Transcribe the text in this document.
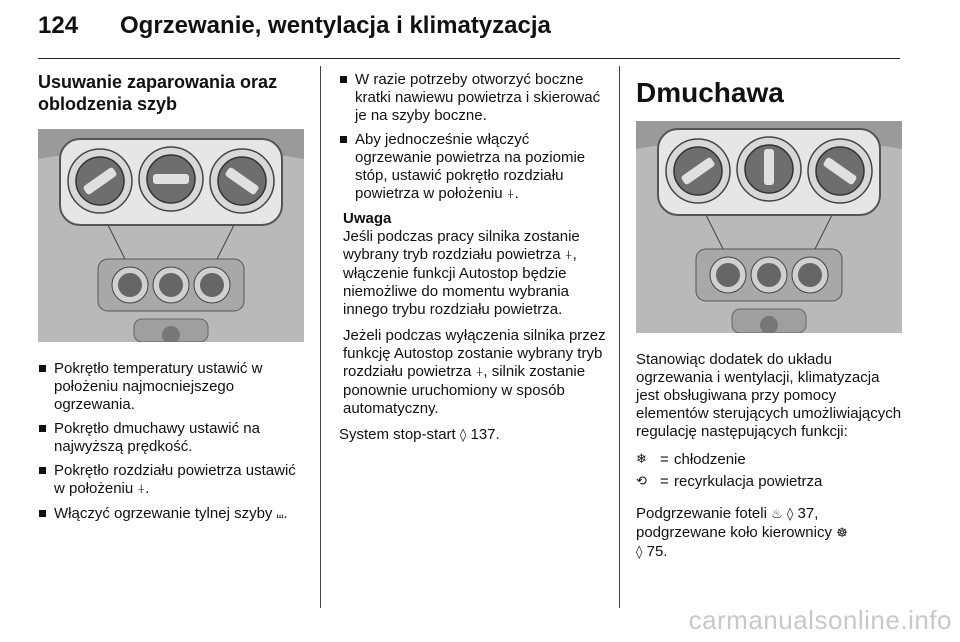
124	Ogrzewanie, wentylacja i klimatyzacja
Usuwanie zaparowania oraz oblodzenia szyb
Pokrętło temperatury ustawić w położeniu najmocniejszego ogrzewania.
Pokrętło dmuchawy ustawić na najwyższą prędkość.
Pokrętło rozdziału powietrza ustawić w położeniu ⍭.
Włączyć ogrzewanie tylnej szyby ⧢.
W razie potrzeby otworzyć boczne kratki nawiewu powietrza i skierować je na szyby boczne.
Aby jednocześnie włączyć ogrzewanie powietrza na poziomie stóp, ustawić pokrętło rozdziału powietrza w położeniu ⍭.
Uwaga

Jeśli podczas pracy silnika zostanie wybrany tryb rozdziału powietrza ⍭, włączenie funkcji Autostop będzie niemożliwe do momentu wybrania innego trybu rozdziału powietrza.

Jeżeli podczas wyłączenia silnika przez funkcję Autostop zostanie wybrany tryb rozdziału powietrza ⍭, silnik zostanie ponownie uruchomiony w sposób automatyczny.

System stop-start ◊ 137.

Dmuchawa

Stanowiąc dodatek do układu ogrzewania i wentylacji, klimatyzacja jest obsługiwana przy pomocy elementów sterujących umożliwiających regulację następujących funkcji:

❄ = chłodzenie
⟲ = recyrkulacja powietrza

Podgrzewanie foteli ♨ ◊ 37,

podgrzewane koło kierownicy ☸
◊ 75.

carmanualsonline.info
